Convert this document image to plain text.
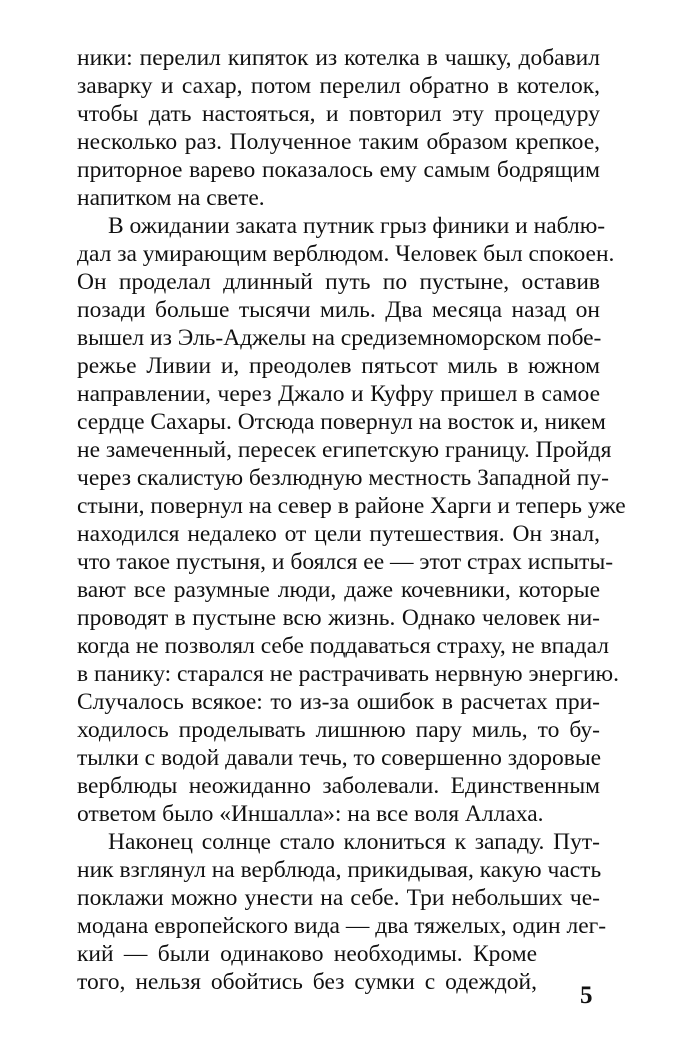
ники: перелил кипяток из котелка в чашку, добавил
заварку и сахар, потом перелил обратно в котелок,
чтобы дать настояться, и повторил эту процедуру
несколько раз. Полученное таким образом крепкое,
приторное варево показалось ему самым бодрящим
напитком на свете.
В ожидании заката путник грыз финики и наблю-
дал за умирающим верблюдом. Человек был спокоен.
Он проделал длинный путь по пустыне, оставив
позади больше тысячи миль. Два месяца назад он
вышел из Эль-Аджелы на средиземноморском побе-
режье Ливии и, преодолев пятьсот миль в южном
направлении, через Джало и Куфру пришел в самое
сердце Сахары. Отсюда повернул на восток и, никем
не замеченный, пересек египетскую границу. Пройдя
через скалистую безлюдную местность Западной пу-
стыни, повернул на север в районе Харги и теперь уже
находился недалеко от цели путешествия. Он знал,
что такое пустыня, и боялся ее — этот страх испыты-
вают все разумные люди, даже кочевники, которые
проводят в пустыне всю жизнь. Однако человек ни-
когда не позволял себе поддаваться страху, не впадал
в панику: старался не растрачивать нервную энергию.
Случалось всякое: то из-за ошибок в расчетах при-
ходилось проделывать лишнюю пару миль, то бу-
тылки с водой давали течь, то совершенно здоровые
верблюды неожиданно заболевали. Единственным
ответом было «Иншалла»: на все воля Аллаха.
Наконец солнце стало клониться к западу. Пут-
ник взглянул на верблюда, прикидывая, какую часть
поклажи можно унести на себе. Три небольших че-
модана европейского вида — два тяжелых, один лег-
кий — были одинаково необходимы. Кроме
того, нельзя обойтись без сумки с одеждой, 5
